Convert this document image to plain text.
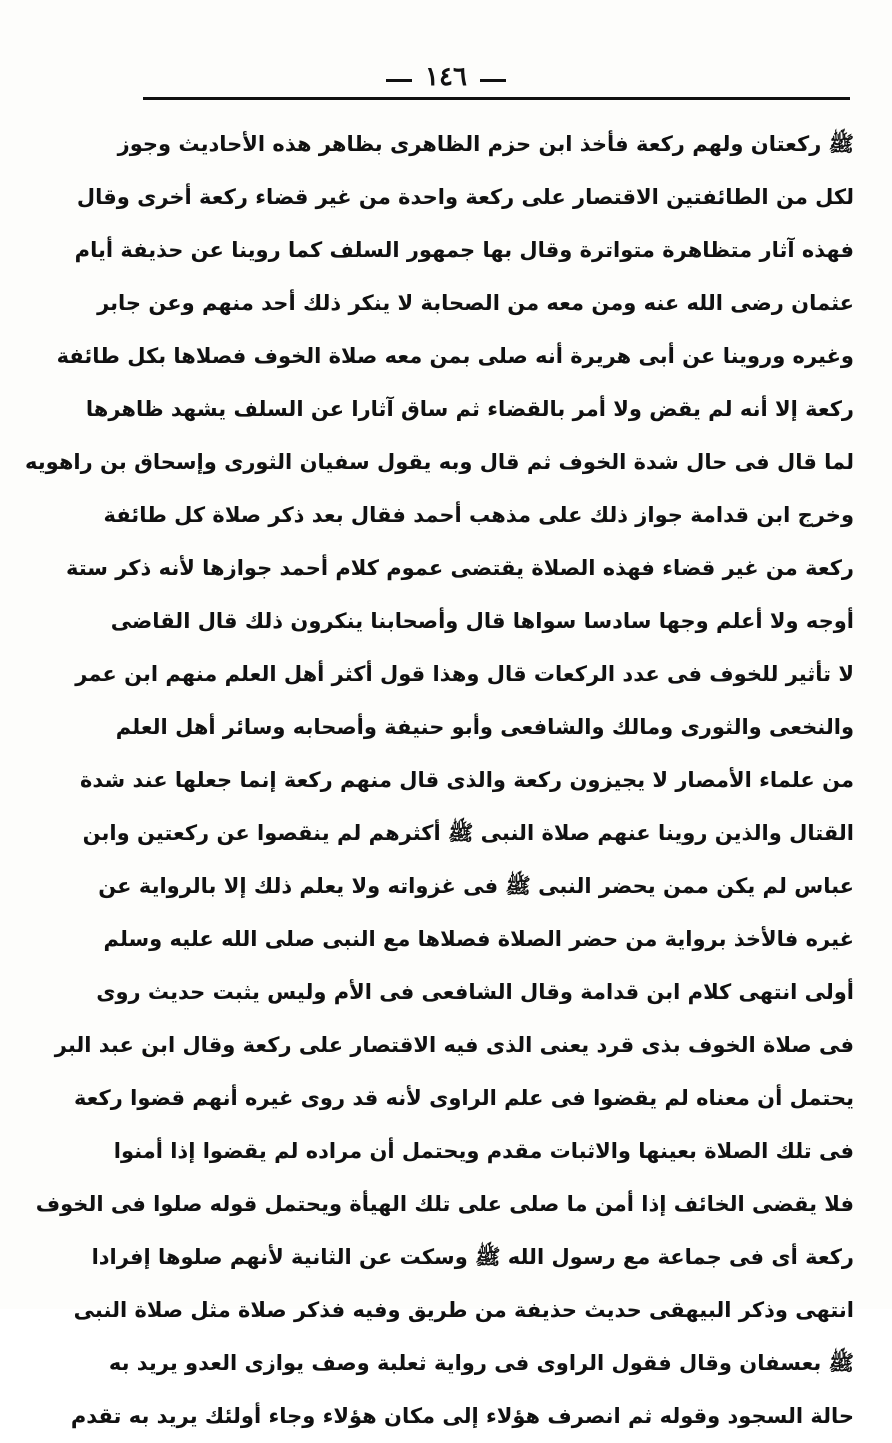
١٤٦
ﷺ ركعتان ولهم ركعة فأخذ ابن حزم الظاهرى بظاهر هذه الأحاديث وجوز
لكل من الطائفتين الاقتصار على ركعة واحدة من غير قضاء ركعة أخرى وقال
فهذه آثار متظاهرة متواترة وقال بها جمهور السلف كما روينا عن حذيفة أيام
عثمان رضى الله عنه ومن معه من الصحابة لا ينكر ذلك أحد منهم وعن جابر
وغيره وروينا عن أبى هريرة أنه صلى بمن معه صلاة الخوف فصلاها بكل طائفة
ركعة إلا أنه لم يقض ولا أمر بالقضاء ثم ساق آثارا عن السلف يشهد ظاهرها
لما قال فى حال شدة الخوف ثم قال وبه يقول سفيان الثورى وإسحاق بن راهويه
وخرج ابن قدامة جواز ذلك على مذهب أحمد فقال بعد ذكر صلاة كل طائفة
ركعة من غير قضاء فهذه الصلاة يقتضى عموم كلام أحمد جوازها لأنه ذكر ستة
أوجه ولا أعلم وجها سادسا سواها قال وأصحابنا ينكرون ذلك قال القاضى
لا تأثير للخوف فى عدد الركعات قال وهذا قول أكثر أهل العلم منهم ابن عمر
والنخعى والثورى ومالك والشافعى وأبو حنيفة وأصحابه وسائر أهل العلم
من علماء الأمصار لا يجيزون ركعة والذى قال منهم ركعة إنما جعلها عند شدة
القتال والذين روينا عنهم صلاة النبى ﷺ أكثرهم لم ينقصوا عن ركعتين وابن
عباس لم يكن ممن يحضر النبى ﷺ فى غزواته ولا يعلم ذلك إلا بالرواية عن
غيره فالأخذ برواية من حضر الصلاة فصلاها مع النبى صلى الله عليه وسلم
أولى انتهى كلام ابن قدامة وقال الشافعى فى الأم وليس يثبت حديث روى
فى صلاة الخوف بذى قرد يعنى الذى فيه الاقتصار على ركعة وقال ابن عبد البر
يحتمل أن معناه لم يقضوا فى علم الراوى لأنه قد روى غيره أنهم قضوا ركعة
فى تلك الصلاة بعينها والاثبات مقدم ويحتمل أن مراده لم يقضوا إذا أمنوا
فلا يقضى الخائف إذا أمن ما صلى على تلك الهيأة ويحتمل قوله صلوا فى الخوف
ركعة أى فى جماعة مع رسول الله ﷺ وسكت عن الثانية لأنهم صلوها إفرادا
انتهى وذكر البيهقى حديث حذيفة من طريق وفيه فذكر صلاة مثل صلاة النبى
ﷺ بعسفان وقال فقول الراوى فى رواية ثعلبة وصف يوازى العدو يريد به
حالة السجود وقوله ثم انصرف هؤلاء إلى مكان هؤلاء وجاء أولئك يريد به تقدم
